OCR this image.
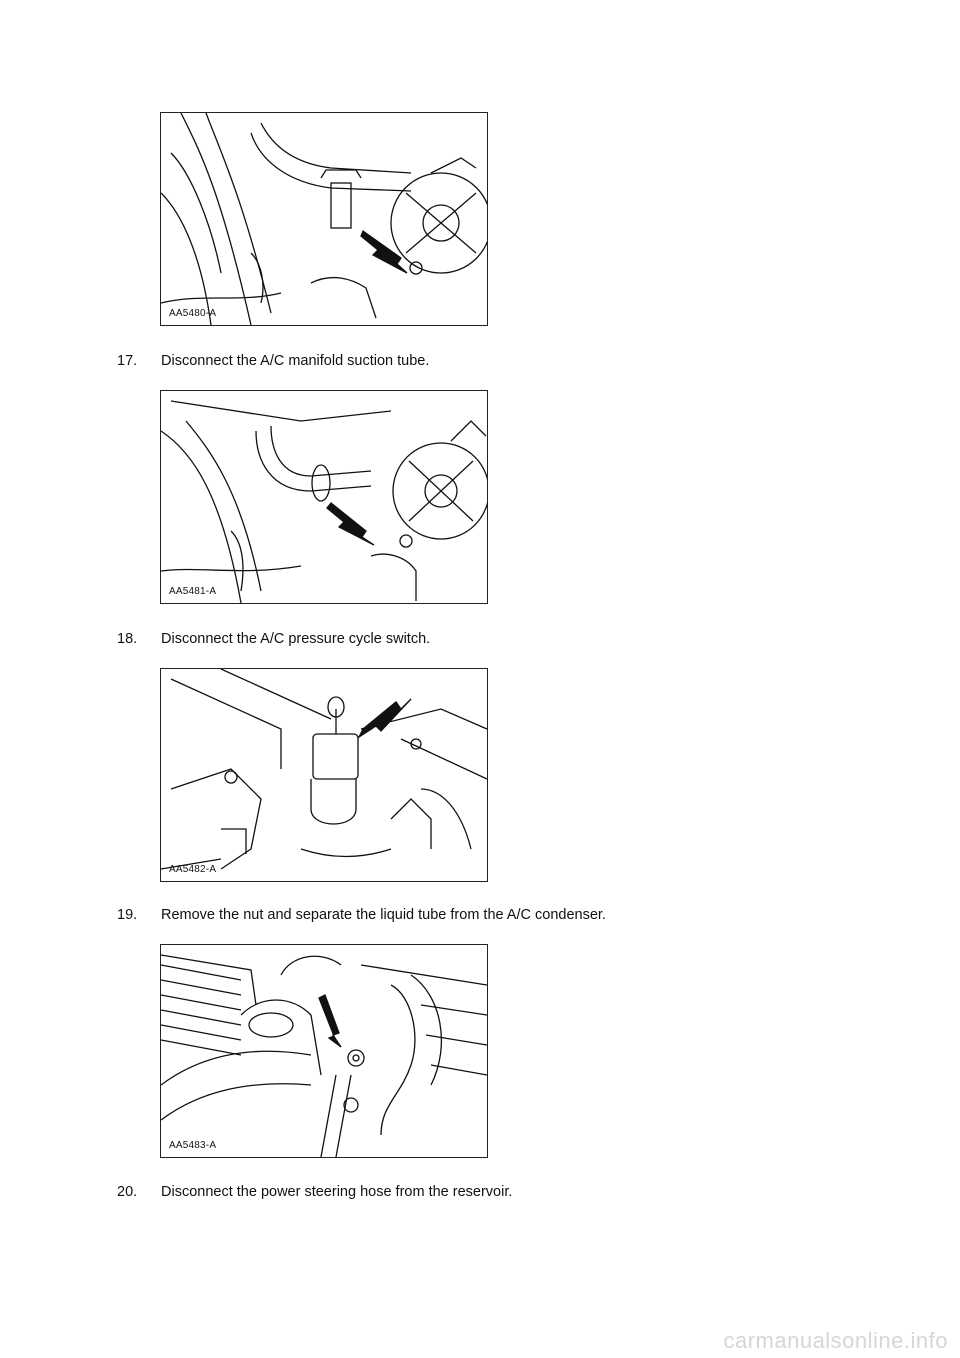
AA5480-A
17. Disconnect the A/C manifold suction tube.
AA5481-A
18. Disconnect the A/C pressure cycle switch.
AA5482-A
19. Remove the nut and separate the liquid tube from the A/C condenser.
AA5483-A
20. Disconnect the power steering hose from the reservoir.
carmanualsonline.info
